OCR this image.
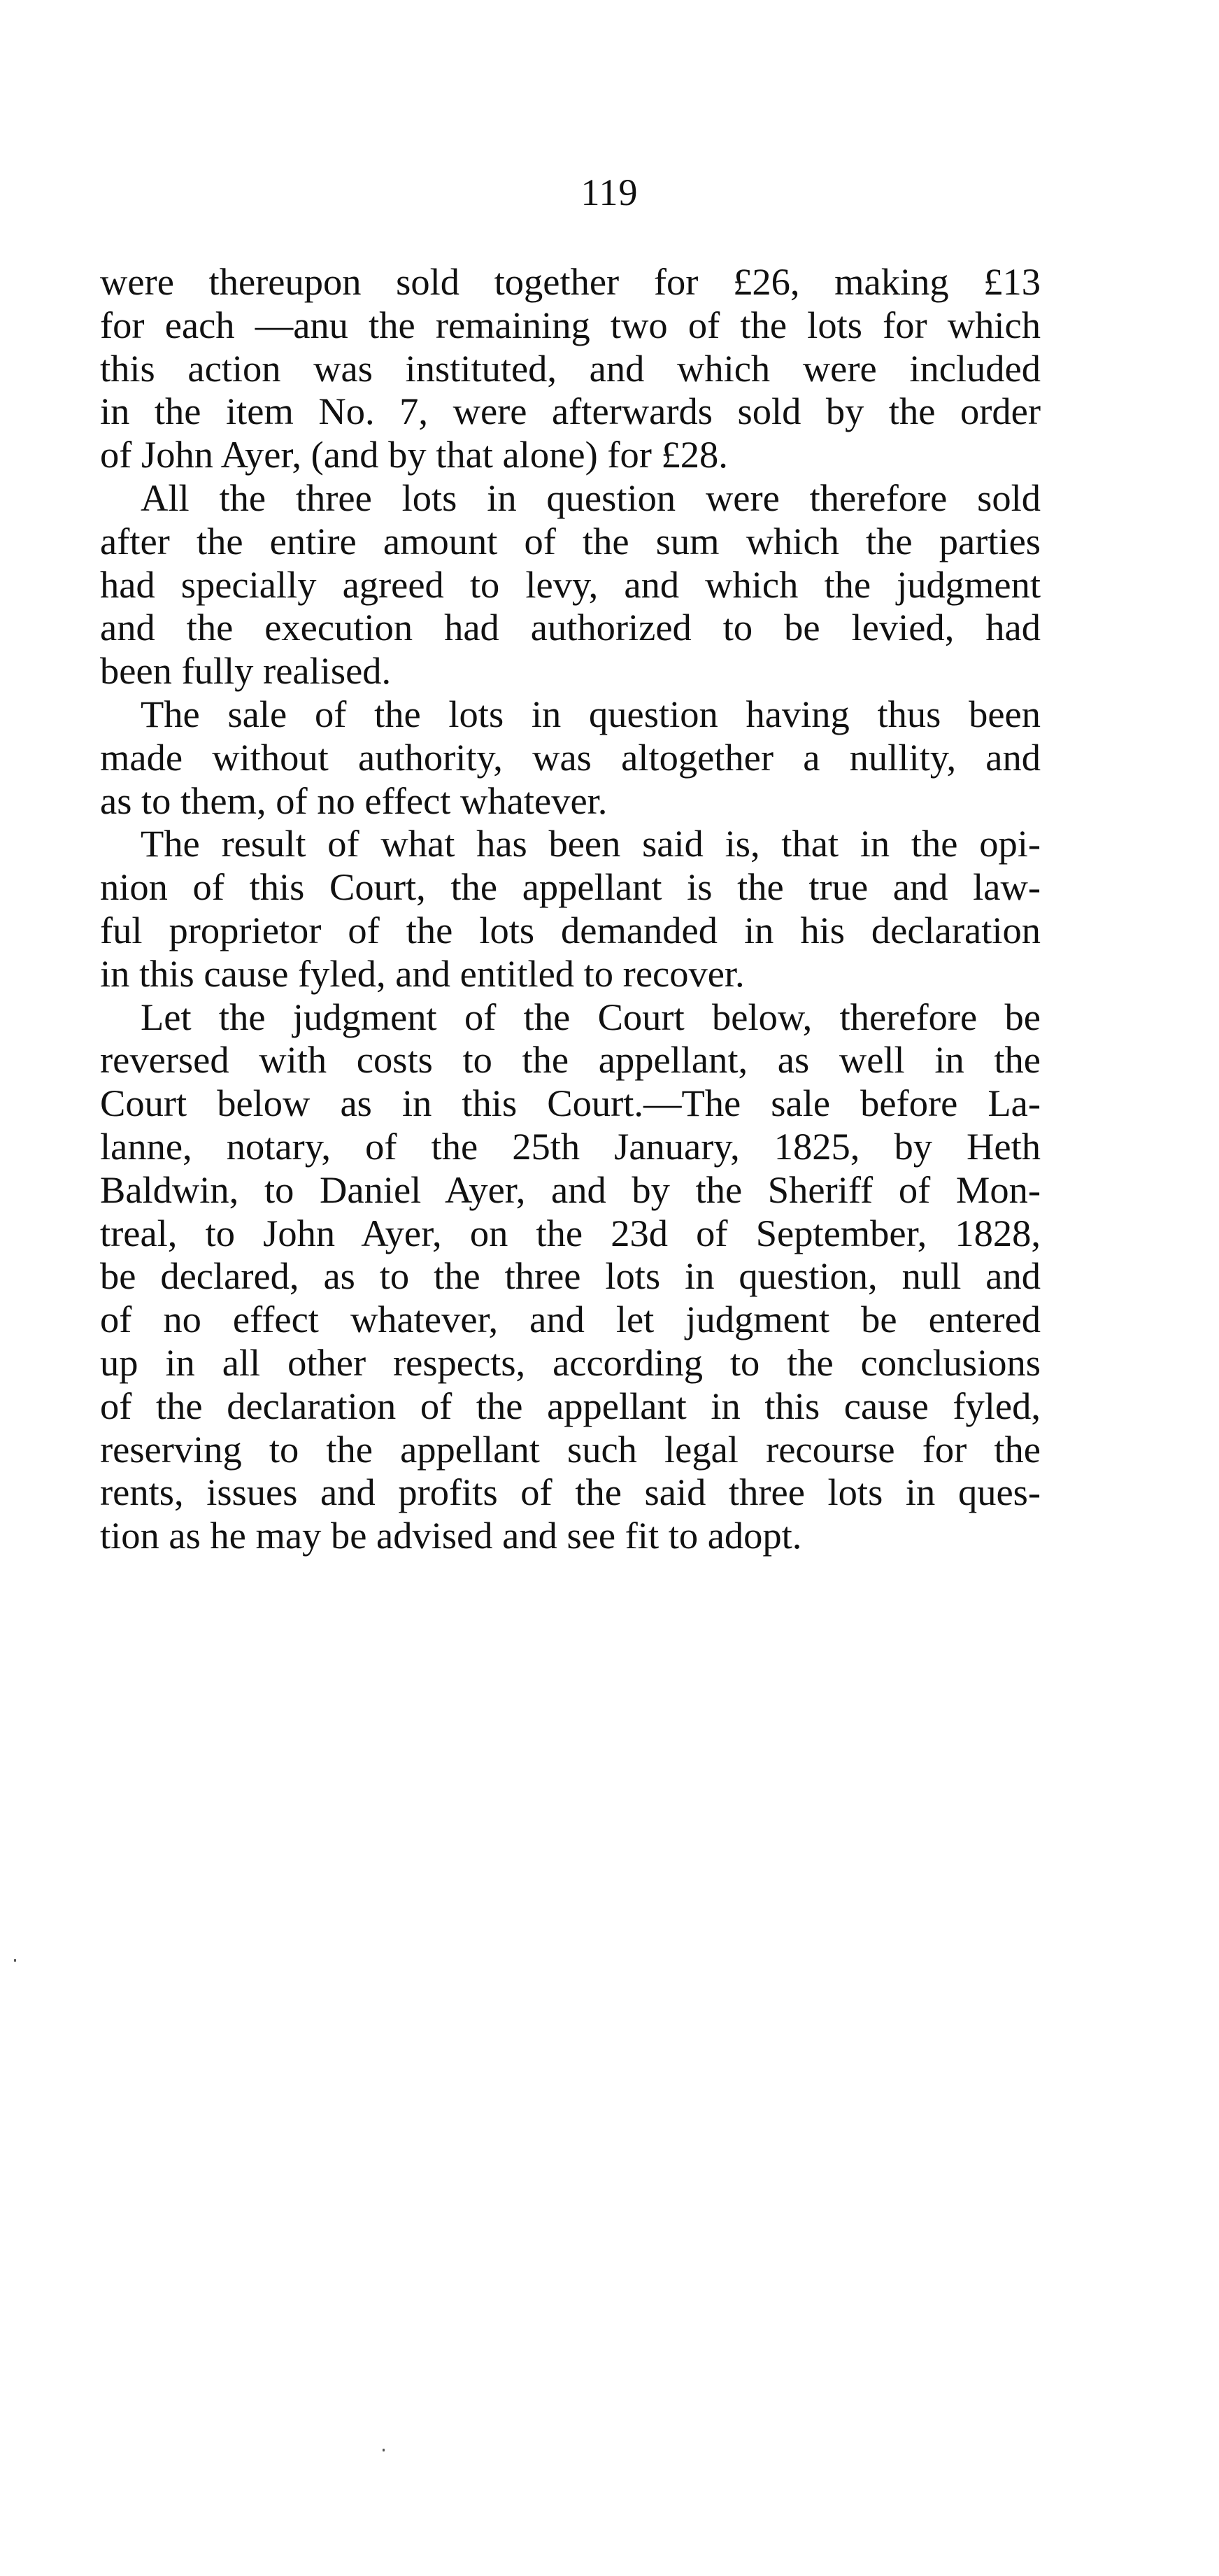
119
were thereupon sold together for £26, making £13
for each —anu the remaining two of the lots for which
this action was instituted, and which were included
in the item No. 7, were afterwards sold by the order
of John Ayer, (and by that alone) for £28.
All the three lots in question were therefore sold
after the entire amount of the sum which the parties
had specially agreed to levy, and which the judgment
and the execution had authorized to be levied, had
been fully realised.
The sale of the lots in question having thus been
made without authority, was altogether a nullity, and
as to them, of no effect whatever.
The result of what has been said is, that in the opi-
nion of this Court, the appellant is the true and law-
ful proprietor of the lots demanded in his declaration
in this cause fyled, and entitled to recover.
Let the judgment of the Court below, therefore be
reversed with costs to the appellant, as well in the
Court below as in this Court.—The sale before La-
lanne, notary, of the 25th January, 1825, by Heth
Baldwin, to Daniel Ayer, and by the Sheriff of Mon-
treal, to John Ayer, on the 23d of September, 1828,
be declared, as to the three lots in question, null and
of no effect whatever, and let judgment be entered
up in all other respects, according to the conclusions
of the declaration of the appellant in this cause fyled,
reserving to the appellant such legal recourse for the
rents, issues and profits of the said three lots in ques-
tion as he may be advised and see fit to adopt.
